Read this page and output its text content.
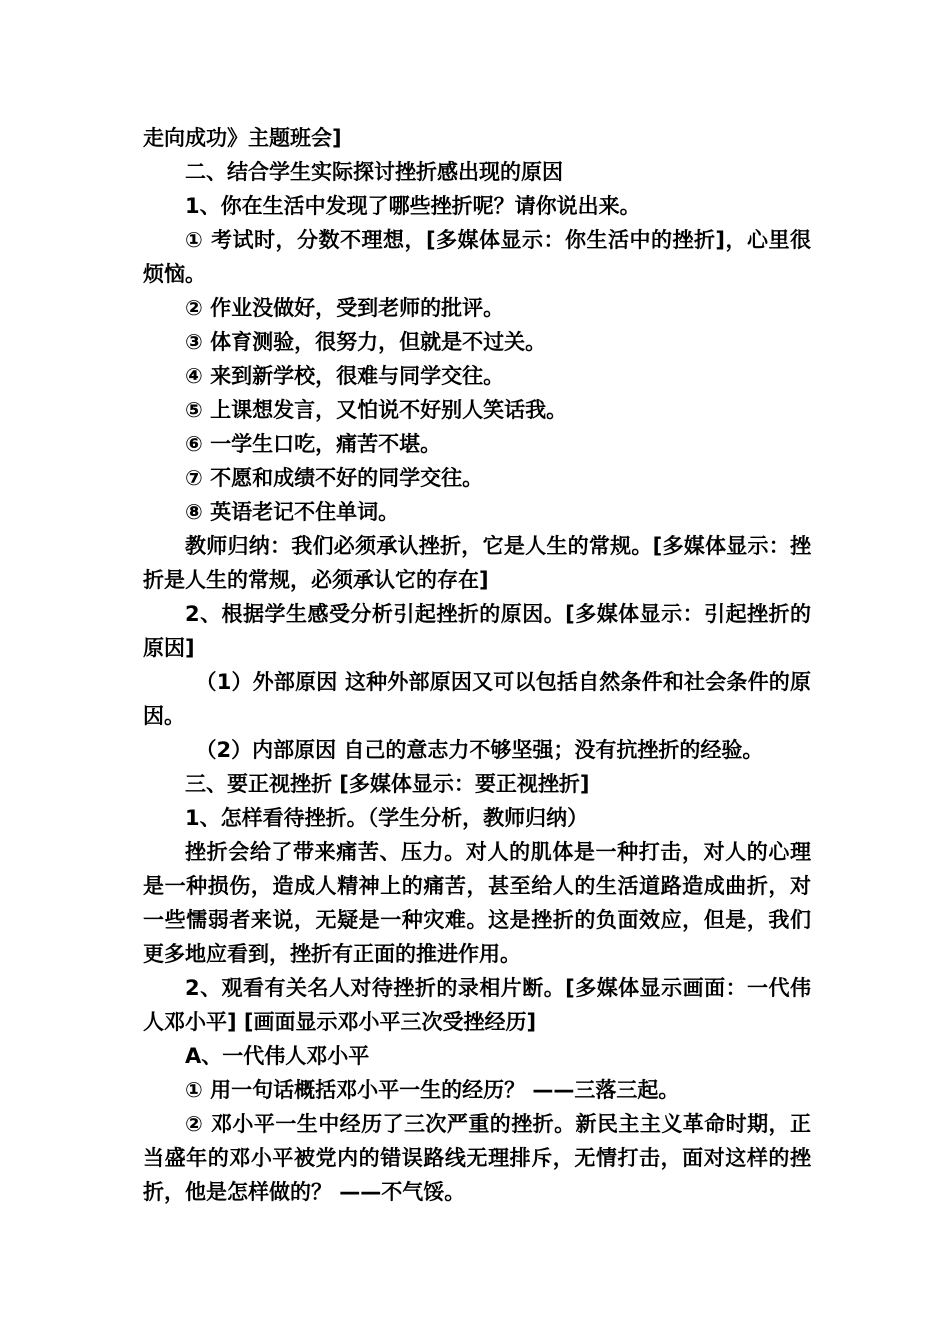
走向成功》主题班会]

二、结合学生实际探讨挫折感出现的原因

1、你在生活中发现了哪些挫折呢？请你说出来。

① 考试时，分数不理想，[多媒体显示：你生活中的挫折]，心里很烦恼。

② 作业没做好，受到老师的批评。

③ 体育测验，很努力，但就是不过关。

④ 来到新学校，很难与同学交往。

⑤ 上课想发言，又怕说不好别人笑话我。

⑥ 一学生口吃，痛苦不堪。

⑦ 不愿和成绩不好的同学交往。

⑧ 英语老记不住单词。

教师归纳：我们必须承认挫折，它是人生的常规。[多媒体显示：挫折是人生的常规，必须承认它的存在]

2、根据学生感受分析引起挫折的原因。[多媒体显示：引起挫折的原因]

（1）外部原因 这种外部原因又可以包括自然条件和社会条件的原因。

（2）内部原因 自己的意志力不够坚强；没有抗挫折的经验。

三、要正视挫折 [多媒体显示：要正视挫折]

1、怎样看待挫折。（学生分析，教师归纳）

挫折会给了带来痛苦、压力。对人的肌体是一种打击，对人的心理是一种损伤，造成人精神上的痛苦，甚至给人的生活道路造成曲折，对一些懦弱者来说，无疑是一种灾难。这是挫折的负面效应，但是，我们更多地应看到，挫折有正面的推进作用。

2、观看有关名人对待挫折的录相片断。[多媒体显示画面：一代伟人邓小平] [画面显示邓小平三次受挫经历]

A、一代伟人邓小平

① 用一句话概括邓小平一生的经历？ ——三落三起。

② 邓小平一生中经历了三次严重的挫折。新民主主义革命时期，正当盛年的邓小平被党内的错误路线无理排斥，无情打击，面对这样的挫折，他是怎样做的？ ——不气馁。
